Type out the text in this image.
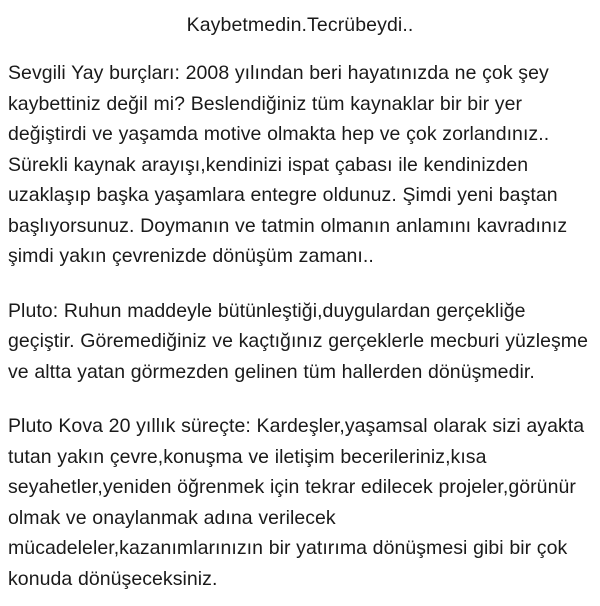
Kaybetmedin.Tecrübeydi..

Sevgili Yay burçları: 2008 yılından beri hayatınızda ne çok şey kaybettiniz değil mi? Beslendiğiniz tüm kaynaklar bir bir yer değiştirdi ve yaşamda motive olmakta hep ve çok zorlandınız.. Sürekli kaynak arayışı,kendinizi ispat çabası ile kendinizden uzaklaşıp başka yaşamlara entegre oldunuz. Şimdi yeni baştan başlıyorsunuz. Doymanın ve tatmin olmanın anlamını kavradınız şimdi yakın çevrenizde dönüşüm zamanı..

Pluto: Ruhun maddeyle bütünleştiği,duygulardan gerçekliğe geçiştir. Göremediğiniz ve kaçtığınız gerçeklerle mecburi yüzleşme ve altta yatan görmezden gelinen tüm hallerden dönüşmedir.

Pluto Kova 20 yıllık süreçte: Kardeşler,yaşamsal olarak sizi ayakta tutan yakın çevre,konuşma ve iletişim becerileriniz,kısa seyahetler,yeniden öğrenmek için tekrar edilecek projeler,görünür olmak ve onaylanmak adına verilecek mücadeleler,kazanımlarınızın bir yatırıma dönüşmesi gibi bir çok konuda dönüşeceksiniz.
